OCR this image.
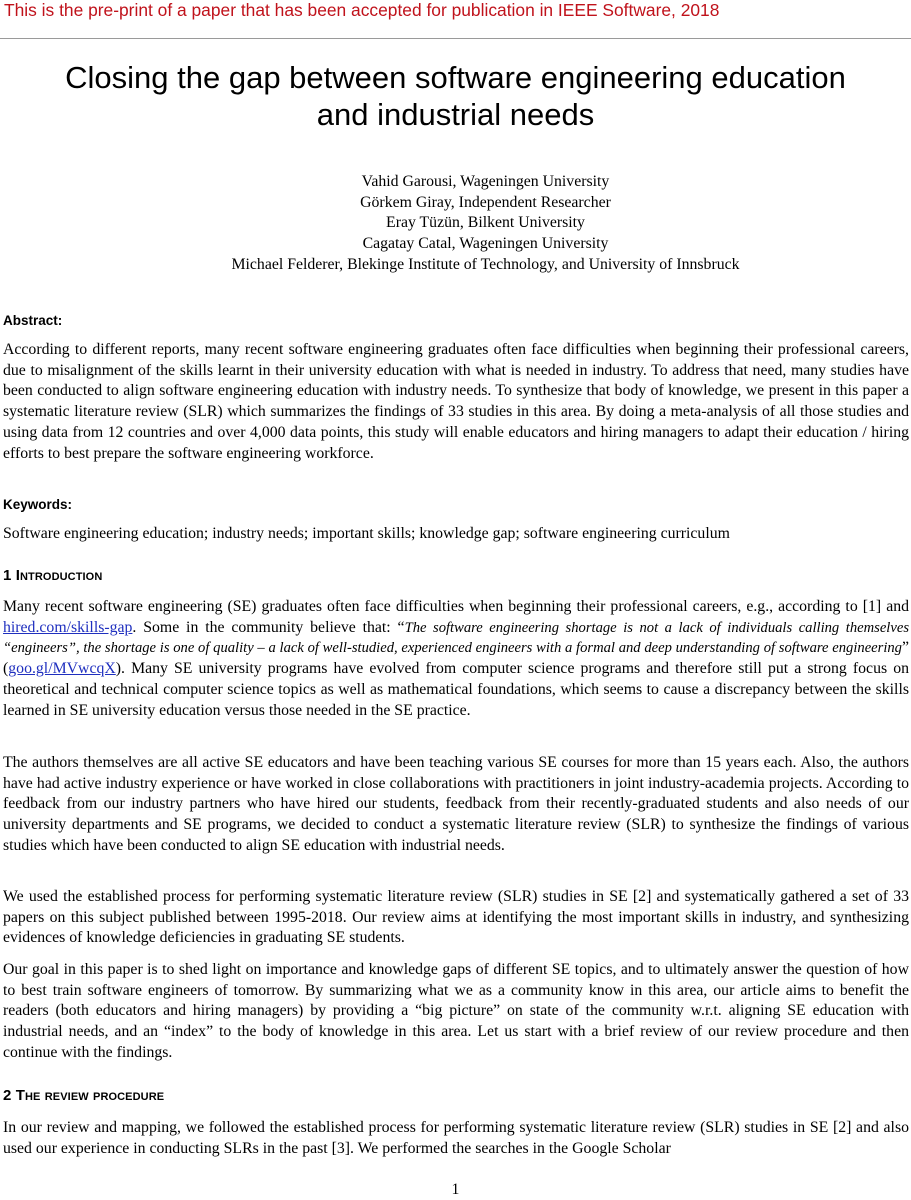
This is the pre-print of a paper that has been accepted for publication in IEEE Software, 2018
Closing the gap between software engineering education
and industrial needs
Vahid Garousi, Wageningen University
Görkem Giray, Independent Researcher
Eray Tüzün, Bilkent University
Cagatay Catal, Wageningen University
Michael Felderer, Blekinge Institute of Technology, and University of Innsbruck
Abstract:
According to different reports, many recent software engineering graduates often face difficulties when beginning their professional careers, due to misalignment of the skills learnt in their university education with what is needed in industry. To address that need, many studies have been conducted to align software engineering education with industry needs. To synthesize that body of knowledge, we present in this paper a systematic literature review (SLR) which summarizes the findings of 33 studies in this area. By doing a meta-analysis of all those studies and using data from 12 countries and over 4,000 data points, this study will enable educators and hiring managers to adapt their education / hiring efforts to best prepare the software engineering workforce.
Keywords:
Software engineering education; industry needs; important skills; knowledge gap; software engineering curriculum
1 Introduction
Many recent software engineering (SE) graduates often face difficulties when beginning their professional careers, e.g., according to [1] and hired.com/skills-gap. Some in the community believe that: “The software engineering shortage is not a lack of individuals calling themselves “engineers”, the shortage is one of quality – a lack of well-studied, experienced engineers with a formal and deep understanding of software engineering” (goo.gl/MVwcqX). Many SE university programs have evolved from computer science programs and therefore still put a strong focus on theoretical and technical computer science topics as well as mathematical foundations, which seems to cause a discrepancy between the skills learned in SE university education versus those needed in the SE practice.
The authors themselves are all active SE educators and have been teaching various SE courses for more than 15 years each. Also, the authors have had active industry experience or have worked in close collaborations with practitioners in joint industry-academia projects. According to feedback from our industry partners who have hired our students, feedback from their recently-graduated students and also needs of our university departments and SE programs, we decided to conduct a systematic literature review (SLR) to synthesize the findings of various studies which have been conducted to align SE education with industrial needs.
We used the established process for performing systematic literature review (SLR) studies in SE [2] and systematically gathered a set of 33 papers on this subject published between 1995-2018. Our review aims at identifying the most important skills in industry, and synthesizing evidences of knowledge deficiencies in graduating SE students.
Our goal in this paper is to shed light on importance and knowledge gaps of different SE topics, and to ultimately answer the question of how to best train software engineers of tomorrow. By summarizing what we as a community know in this area, our article aims to benefit the readers (both educators and hiring managers) by providing a “big picture” on state of the community w.r.t. aligning SE education with industrial needs, and an “index” to the body of knowledge in this area. Let us start with a brief review of our review procedure and then continue with the findings.
2 The review procedure
In our review and mapping, we followed the established process for performing systematic literature review (SLR) studies in SE [2] and also used our experience in conducting SLRs in the past [3]. We performed the searches in the Google Scholar
1
